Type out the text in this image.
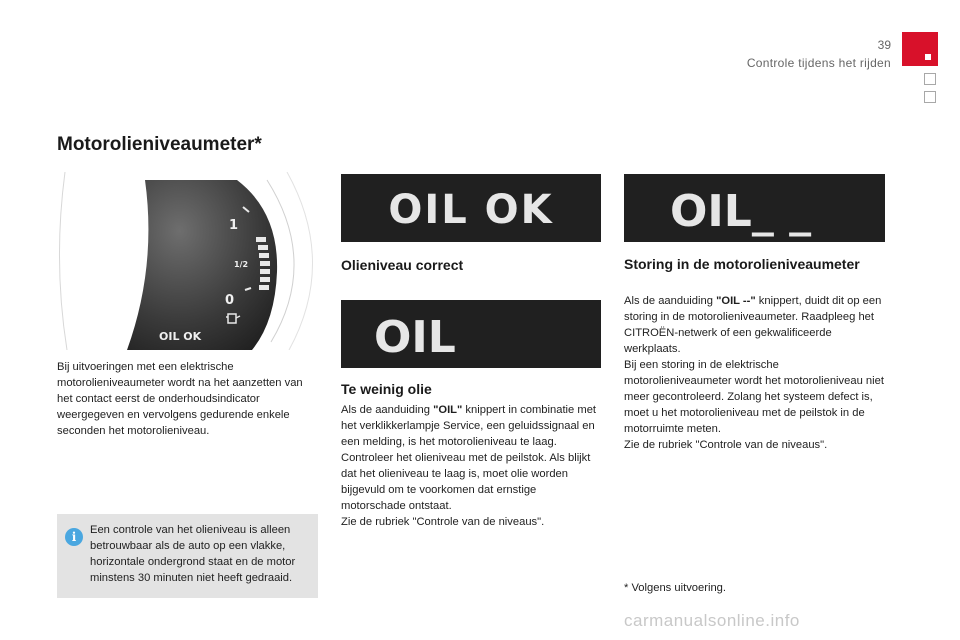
39
Controle tijdens het rijden
Motorolieniveaumeter*
1
1/2
0
OIL OK

Bij uitvoeringen met een elektrische motorolieniveaumeter wordt na het aanzetten van het contact eerst de onderhoudsindicator weergegeven en vervolgens gedurende enkele seconden het motorolieniveau.

i	Een controle van het olieniveau is alleen betrouwbaar als de auto op een vlakke, horizontale ondergrond staat en de motor minstens 30 minuten niet heeft gedraaid.

OIL OK
Olieniveau correct
OIL
Te weinig olie

Als de aanduiding "OIL" knippert in combinatie met het verklikkerlampje Service, een geluidssignaal en een melding, is het motorolieniveau te laag.

Controleer het olieniveau met de peilstok. Als blijkt dat het olieniveau te laag is, moet olie worden bijgevuld om te voorkomen dat ernstige motorschade ontstaat.

Zie de rubriek "Controle van de niveaus".

OIL_ _
Storing in de motorolieniveaumeter

Als de aanduiding "OIL --" knippert, duidt dit op een storing in de motorolieniveaumeter. Raadpleeg het CITROËN-netwerk of een gekwalificeerde werkplaats.

Bij een storing in de elektrische motorolieniveaumeter wordt het motorolieniveau niet meer gecontroleerd. Zolang het systeem defect is, moet u het motorolieniveau met de peilstok in de motorruimte meten.

Zie de rubriek "Controle van de niveaus".

* Volgens uitvoering.

carmanualsonline.info
